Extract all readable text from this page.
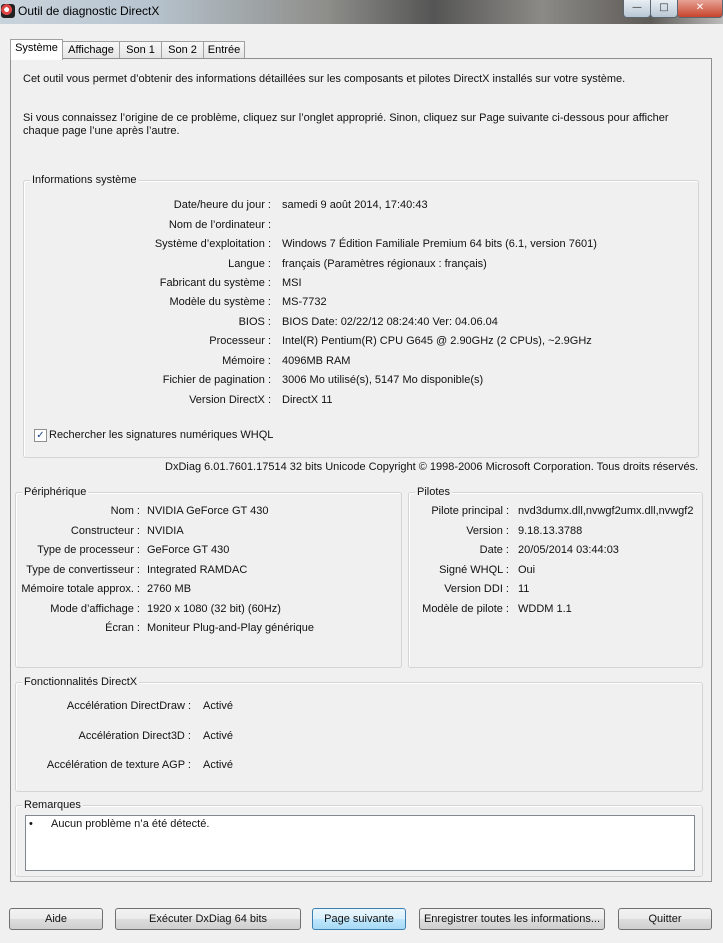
Outil de diagnostic DirectX	—	□	✕
Système Affichage	Son 1	Son 2 Entrée
Cet outil vous permet d’obtenir des informations détaillées sur les composants et pilotes DirectX installés sur votre système.
Si vous connaissez l’origine de ce problème, cliquez sur l’onglet approprié. Sinon, cliquez sur Page suivante ci-dessous pour afficher chaque page l’une après l’autre.
Informations système
Date/heure du jour : samedi 9 août 2014, 17:40:43
Nom de l’ordinateur :
Système d’exploitation : Windows 7 Édition Familiale Premium 64 bits (6.1, version 7601)
Langue : français (Paramètres régionaux : français)
Fabricant du système : MSI
Modèle du système : MS-7732
BIOS : BIOS Date: 02/22/12 08:24:40 Ver: 04.06.04
Processeur : Intel(R) Pentium(R) CPU G645 @ 2.90GHz (2 CPUs), ~2.9GHz
Mémoire : 4096MB RAM
Fichier de pagination : 3006 Mo utilisé(s), 5147 Mo disponible(s)
Version DirectX : DirectX 11
✓ Rechercher les signatures numériques WHQL
DxDiag 6.01.7601.17514 32 bits Unicode Copyright © 1998-2006 Microsoft Corporation. Tous droits réservés.
Périphérique
Nom : NVIDIA GeForce GT 430
Constructeur : NVIDIA
Type de processeur : GeForce GT 430
Type de convertisseur : Integrated RAMDAC
Mémoire totale approx. : 2760 MB
Mode d’affichage : 1920 x 1080 (32 bit) (60Hz)
Écran : Moniteur Plug-and-Play générique
Pilotes
Pilote principal : nvd3dumx.dll,nvwgf2umx.dll,nvwgf2
Version : 9.18.13.3788
Date : 20/05/2014 03:44:03
Signé WHQL : Oui
Version DDI : 11
Modèle de pilote : WDDM 1.1
Fonctionnalités DirectX
Accélération DirectDraw : Activé
Accélération Direct3D : Activé
Accélération de texture AGP : Activé
Remarques
• Aucun problème n’a été détecté.
Aide	Exécuter DxDiag 64 bits	Page suivante	Enregistrer toutes les informations...	Quitter
